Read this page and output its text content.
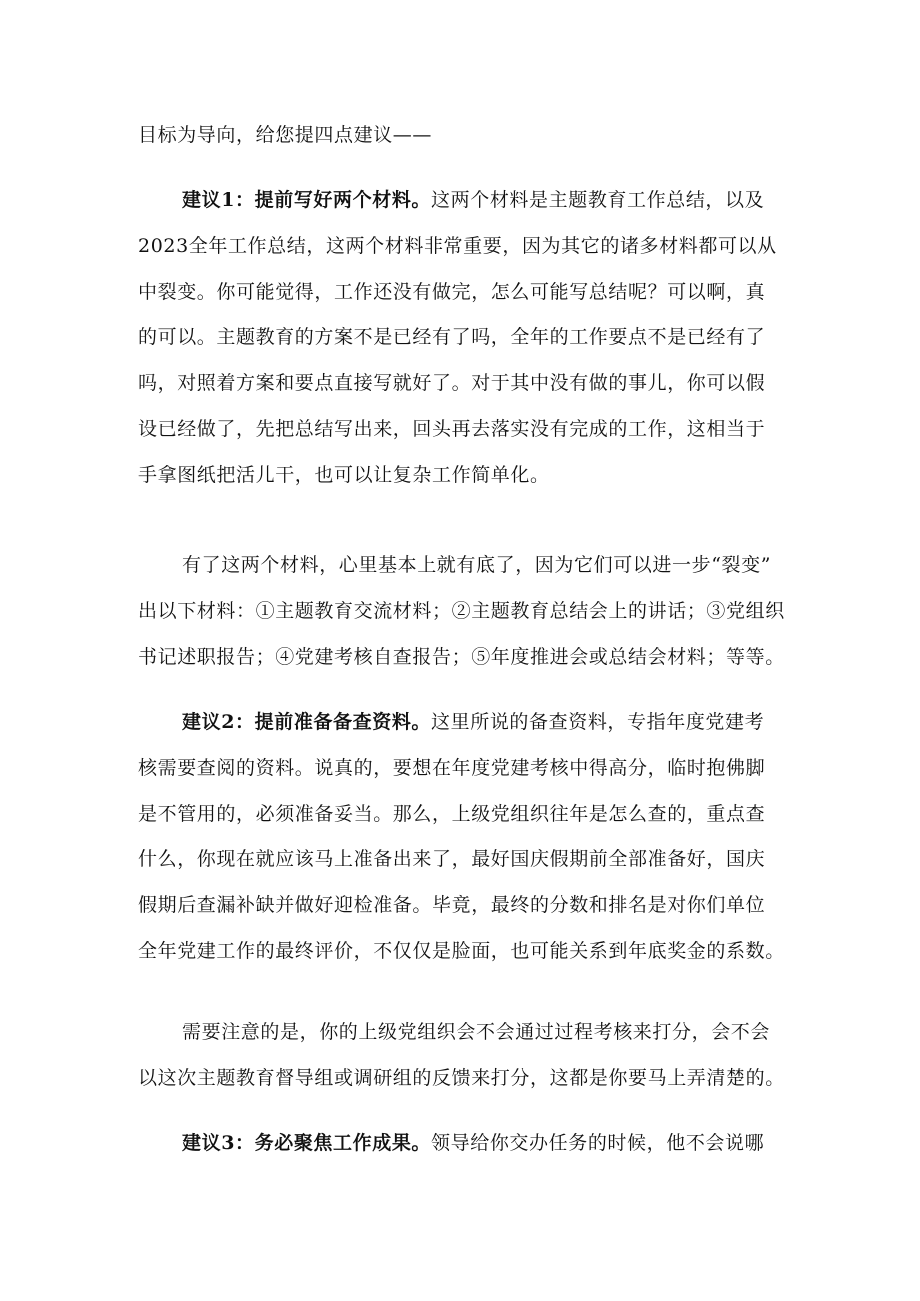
目标为导向，给您提四点建议——

建议1：提前写好两个材料。这两个材料是主题教育工作总结，以及
2023全年工作总结，这两个材料非常重要，因为其它的诸多材料都可以从
中裂变。你可能觉得，工作还没有做完，怎么可能写总结呢？可以啊，真
的可以。主题教育的方案不是已经有了吗，全年的工作要点不是已经有了
吗，对照着方案和要点直接写就好了。对于其中没有做的事儿，你可以假
设已经做了，先把总结写出来，回头再去落实没有完成的工作，这相当于
手拿图纸把活儿干，也可以让复杂工作简单化。

有了这两个材料，心里基本上就有底了，因为它们可以进一步“裂变”
出以下材料：①主题教育交流材料；②主题教育总结会上的讲话；③党组织
书记述职报告；④党建考核自查报告；⑤年度推进会或总结会材料；等等。

建议2：提前准备备查资料。这里所说的备查资料，专指年度党建考
核需要查阅的资料。说真的，要想在年度党建考核中得高分，临时抱佛脚
是不管用的，必须准备妥当。那么，上级党组织往年是怎么查的，重点查
什么，你现在就应该马上准备出来了，最好国庆假期前全部准备好，国庆
假期后查漏补缺并做好迎检准备。毕竟，最终的分数和排名是对你们单位
全年党建工作的最终评价，不仅仅是脸面，也可能关系到年底奖金的系数。

需要注意的是，你的上级党组织会不会通过过程考核来打分，会不会
以这次主题教育督导组或调研组的反馈来打分，这都是你要马上弄清楚的。

建议3：务必聚焦工作成果。领导给你交办任务的时候，他不会说哪
